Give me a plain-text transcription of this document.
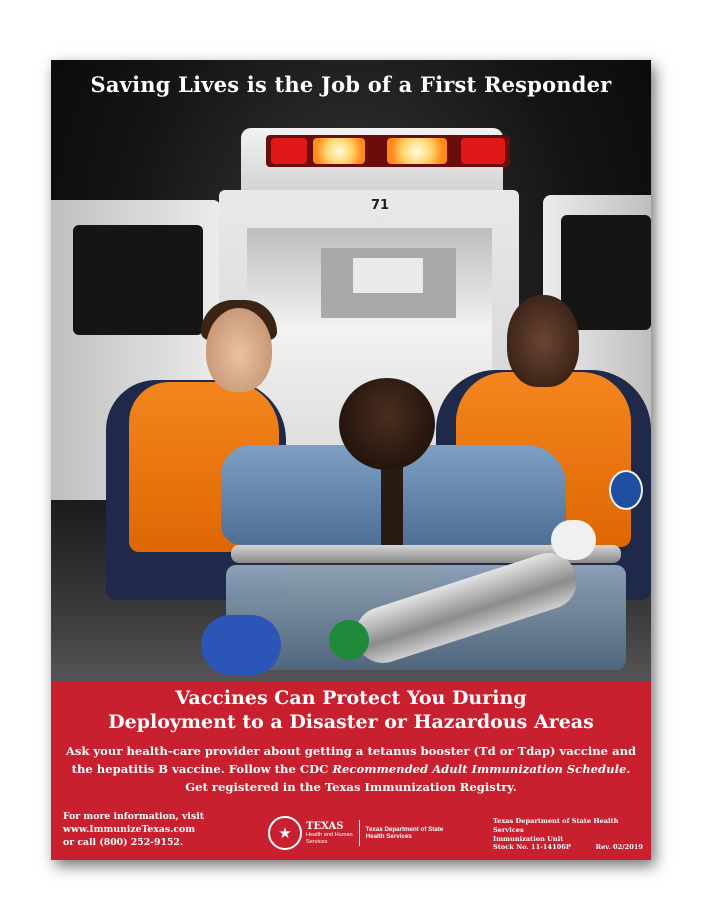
71
Saving Lives is the Job of a First Responder
Vaccines Can Protect You During
Deployment to a Disaster or Hazardous Areas
Ask your health-care provider about getting a tetanus booster (Td or Tdap) vaccine and the hepatitis B vaccine. Follow the CDC Recommended Adult Immunization Schedule. Get registered in the Texas Immunization Registry.
For more information, visit
www.ImmunizeTexas.com
or call (800) 252-9152.
★	TEXAS
Health and Human
Services
Texas Department of State
Health Services
Texas Department of State Health Services
Immunization Unit
Stock No. 11-14106P	Rev. 02/2019
